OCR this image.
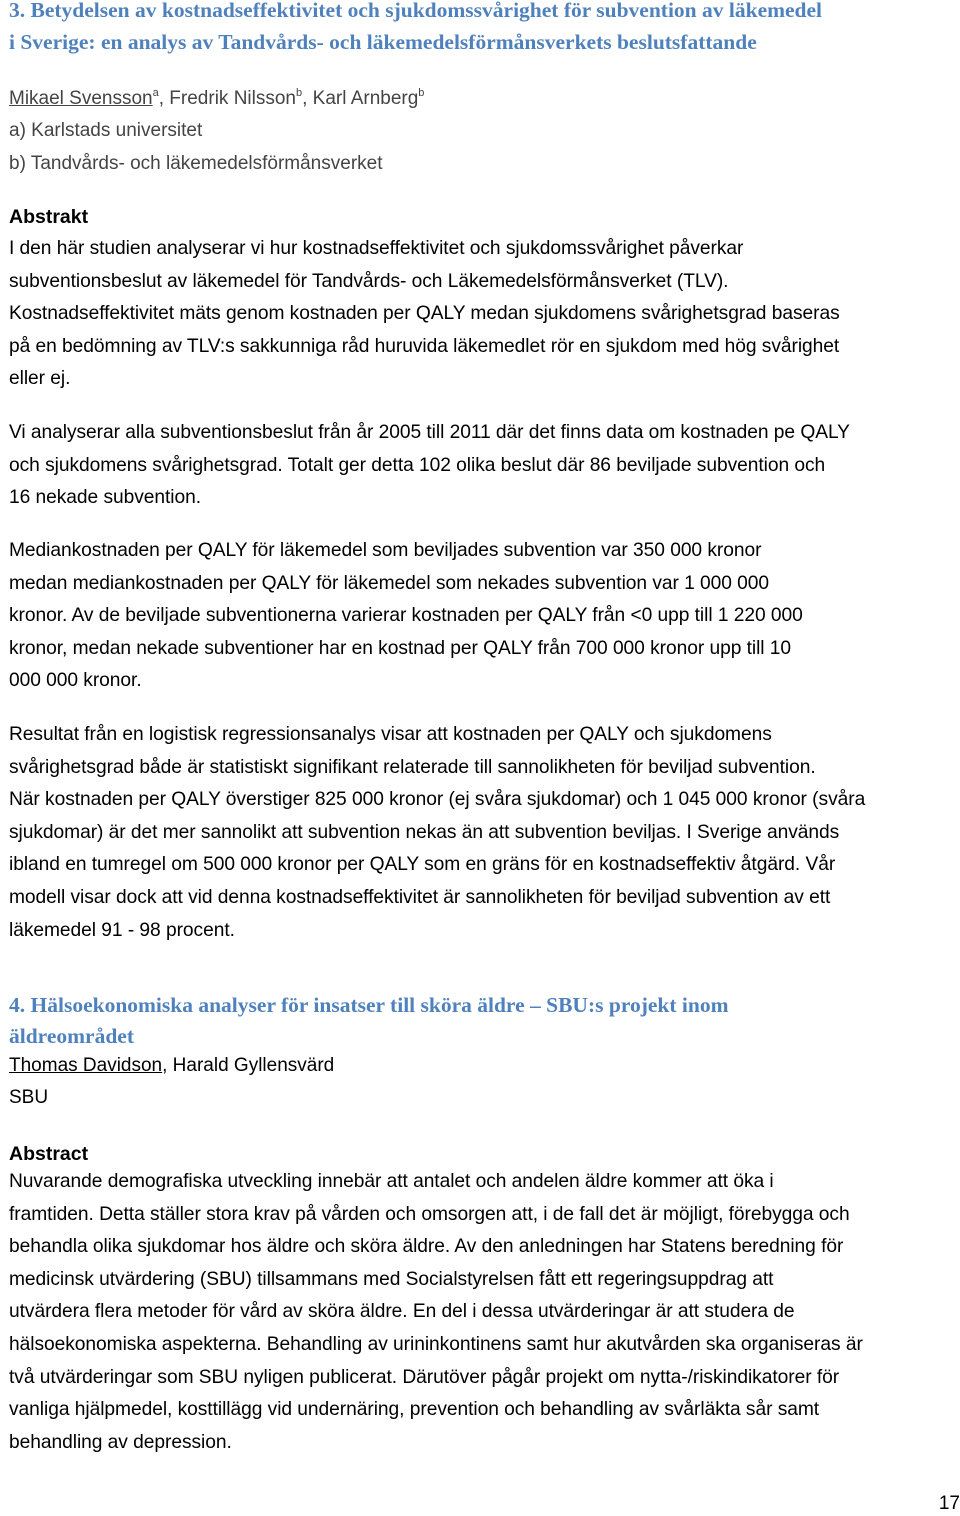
3. Betydelsen av kostnadseffektivitet och sjukdomssvårighet för subvention av läkemedel
i Sverige: en analys av Tandvårds- och läkemedelsförmånsverkets beslutsfattande
Mikael Svensson$^a$, Fredrik Nilsson$^b$, Karl Arnberg$^b$
a) Karlstads universitet
b) Tandvårds- och läkemedelsförmånsverket
Abstrakt

I den här studien analyserar vi hur kostnadseffektivitet och sjukdomssvårighet påverkar
subventionsbeslut av läkemedel för Tandvårds- och Läkemedelsförmånsverket (TLV).
Kostnadseffektivitet mäts genom kostnaden per QALY medan sjukdomens svårighetsgrad baseras
på en bedömning av TLV:s sakkunniga råd huruvida läkemedlet rör en sjukdom med hög svårighet
eller ej.

Vi analyserar alla subventionsbeslut från år 2005 till 2011 där det finns data om kostnaden pe QALY
och sjukdomens svårighetsgrad. Totalt ger detta 102 olika beslut där 86 beviljade subvention och
16 nekade subvention.

Mediankostnaden per QALY för läkemedel som beviljades subvention var 350 000 kronor
medan mediankostnaden per QALY för läkemedel som nekades subvention var 1 000 000
kronor. Av de beviljade subventionerna varierar kostnaden per QALY från <0 upp till 1 220 000
kronor, medan nekade subventioner har en kostnad per QALY från 700 000 kronor upp till 10
000 000 kronor.

Resultat från en logistisk regressionsanalys visar att kostnaden per QALY och sjukdomens
svårighetsgrad både är statistiskt signifikant relaterade till sannolikheten för beviljad subvention.
När kostnaden per QALY överstiger 825 000 kronor (ej svåra sjukdomar) och 1 045 000 kronor (svåra
sjukdomar) är det mer sannolikt att subvention nekas än att subvention beviljas. I Sverige används
ibland en tumregel om 500 000 kronor per QALY som en gräns för en kostnadseffektiv åtgärd. Vår
modell visar dock att vid denna kostnadseffektivitet är sannolikheten för beviljad subvention av ett
läkemedel 91 - 98 procent.

4. Hälsoekonomiska analyser för insatser till sköra äldre – SBU:s projekt inom
äldreområdet
Thomas Davidson, Harald Gyllensvärd
SBU
Abstract

Nuvarande demografiska utveckling innebär att antalet och andelen äldre kommer att öka i
framtiden. Detta ställer stora krav på vården och omsorgen att, i de fall det är möjligt, förebygga och
behandla olika sjukdomar hos äldre och sköra äldre. Av den anledningen har Statens beredning för
medicinsk utvärdering (SBU) tillsammans med Socialstyrelsen fått ett regeringsuppdrag att
utvärdera flera metoder för vård av sköra äldre. En del i dessa utvärderingar är att studera de
hälsoekonomiska aspekterna. Behandling av urininkontinens samt hur akutvården ska organiseras är
två utvärderingar som SBU nyligen publicerat. Därutöver pågår projekt om nytta-/riskindikatorer för
vanliga hjälpmedel, kosttillägg vid undernäring, prevention och behandling av svårläkta sår samt
behandling av depression.

17
